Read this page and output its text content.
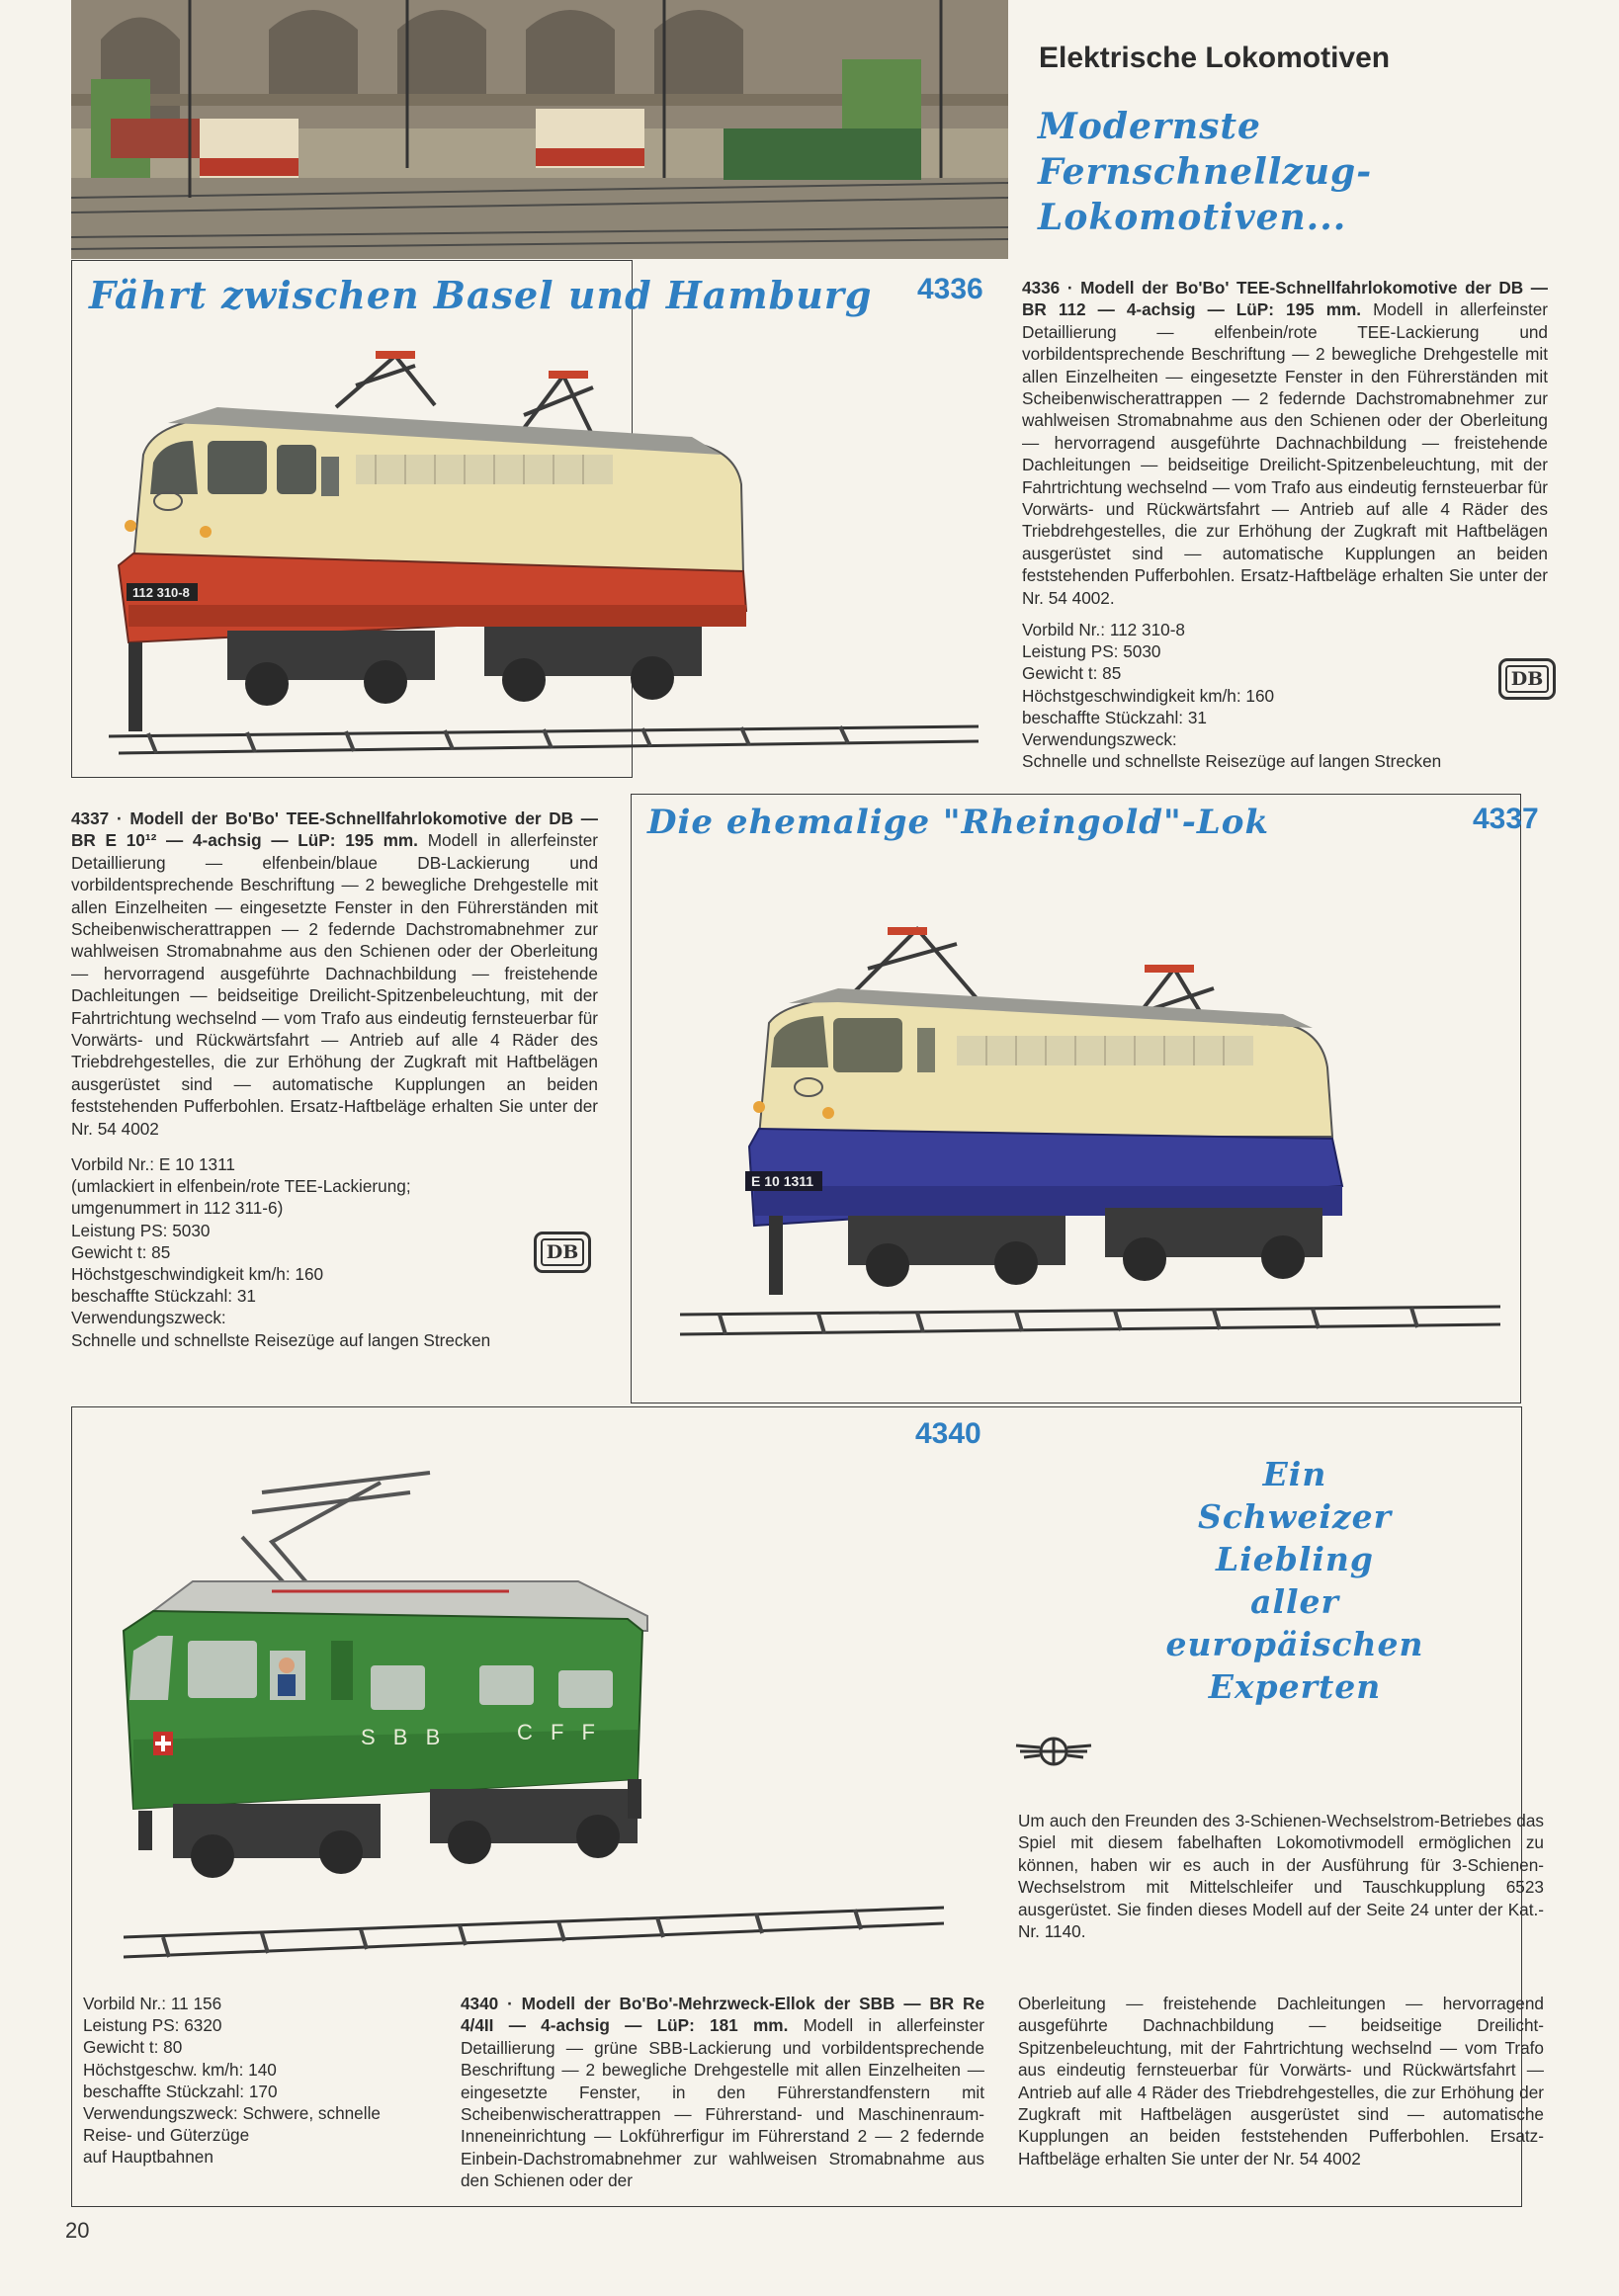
Elektrische Lokomotiven
Modernste
Fernschnellzug-
Lokomotiven...
Fährt zwischen Basel und Hamburg 4336
112 310-8
4336 · Modell der Bo'Bo' TEE-Schnellfahrlokomotive der DB — BR 112 — 4-achsig — LüP: 195 mm. Modell in allerfeinster Detaillierung — elfenbein/rote TEE-Lackierung und vorbildentsprechende Beschriftung — 2 bewegliche Drehgestelle mit allen Einzelheiten — eingesetzte Fenster in den Führerständen mit Scheibenwischerattrappen — 2 federnde Dachstromabnehmer zur wahlweisen Stromabnahme aus den Schienen oder der Oberleitung — hervorragend ausgeführte Dachnachbildung — freistehende Dachleitungen — beidseitige Dreilicht-Spitzenbeleuchtung, mit der Fahrtrichtung wechselnd — vom Trafo aus eindeutig fernsteuerbar für Vorwärts- und Rückwärtsfahrt — Antrieb auf alle 4 Räder des Triebdrehgestelles, die zur Erhöhung der Zugkraft mit Haftbelägen ausgerüstet sind — automatische Kupplungen an beiden feststehenden Pufferbohlen. Ersatz-Haftbeläge erhalten Sie unter der Nr. 54 4002.
Vorbild Nr.: 112 310-8
Leistung PS: 5030
Gewicht t: 85
Höchstgeschwindigkeit km/h: 160
beschaffte Stückzahl: 31
Verwendungszweck:
Schnelle und schnellste Reisezüge auf langen Strecken
DB
Die ehemalige "Rheingold"-Lok	4337
E 10 1311
4337 · Modell der Bo'Bo' TEE-Schnellfahrlokomotive der DB — BR E 10¹² — 4-achsig — LüP: 195 mm. Modell in allerfeinster Detaillierung — elfenbein/blaue DB-Lackierung und vorbildentsprechende Beschriftung — 2 bewegliche Drehgestelle mit allen Einzelheiten — eingesetzte Fenster in den Führerständen mit Scheibenwischerattrappen — 2 federnde Dachstromabnehmer zur wahlweisen Stromabnahme aus den Schienen oder der Oberleitung — hervorragend ausgeführte Dachnachbildung — freistehende Dachleitungen — beidseitige Dreilicht-Spitzenbeleuchtung, mit der Fahrtrichtung wechselnd — vom Trafo aus eindeutig fernsteuerbar für Vorwärts- und Rückwärtsfahrt — Antrieb auf alle 4 Räder des Triebdrehgestelles, die zur Erhöhung der Zugkraft mit Haftbelägen ausgerüstet sind — automatische Kupplungen an beiden feststehenden Pufferbohlen. Ersatz-Haftbeläge erhalten Sie unter der Nr. 54 4002
Vorbild Nr.: E 10 1311
(umlackiert in elfenbein/rote TEE-Lackierung;
umgenummert in 112 311-6)
Leistung PS: 5030
Gewicht t: 85
Höchstgeschwindigkeit km/h: 160
beschaffte Stückzahl: 31
Verwendungszweck:
Schnelle und schnellste Reisezüge auf langen Strecken
DB
4340
Ein
Schweizer
Liebling
aller
europäischen
Experten
S B B	C F F
Um auch den Freunden des 3-Schienen-Wechselstrom-Betriebes das Spiel mit diesem fabelhaften Lokomotivmodell ermöglichen zu können, haben wir es auch in der Ausführung für 3-Schienen-Wechselstrom mit Mittelschleifer und Tauschkupplung 6523 ausgerüstet. Sie finden dieses Modell auf der Seite 24 unter der Kat.-Nr. 1140.
Vorbild Nr.: 11 156
Leistung PS: 6320
Gewicht t: 80
Höchstgeschw. km/h: 140
beschaffte Stückzahl: 170
Verwendungszweck: Schwere, schnelle
Reise- und Güterzüge
auf Hauptbahnen
4340 · Modell der Bo'Bo'-Mehrzweck-Ellok der SBB — BR Re 4/4II — 4-achsig — LüP: 181 mm. Modell in allerfeinster Detaillierung — grüne SBB-Lackierung und vorbildentsprechende Beschriftung — 2 bewegliche Drehgestelle mit allen Einzelheiten — eingesetzte Fenster, in den Führerstandfenstern mit Scheibenwischerattrappen — Führerstand- und Maschinenraum-Inneneinrichtung — Lokführerfigur im Führerstand 2 — 2 federnde Einbein-Dachstromabnehmer zur wahlweisen Stromabnahme aus den Schienen oder der
Oberleitung — freistehende Dachleitungen — hervorragend ausgeführte Dachnachbildung — beidseitige Dreilicht-Spitzenbeleuchtung, mit der Fahrtrichtung wechselnd — vom Trafo aus eindeutig fernsteuerbar für Vorwärts- und Rückwärtsfahrt — Antrieb auf alle 4 Räder des Triebdrehgestelles, die zur Erhöhung der Zugkraft mit Haftbelägen ausgerüstet sind — automatische Kupplungen an beiden feststehenden Pufferbohlen. Ersatz-Haftbeläge erhalten Sie unter der Nr. 54 4002
20
